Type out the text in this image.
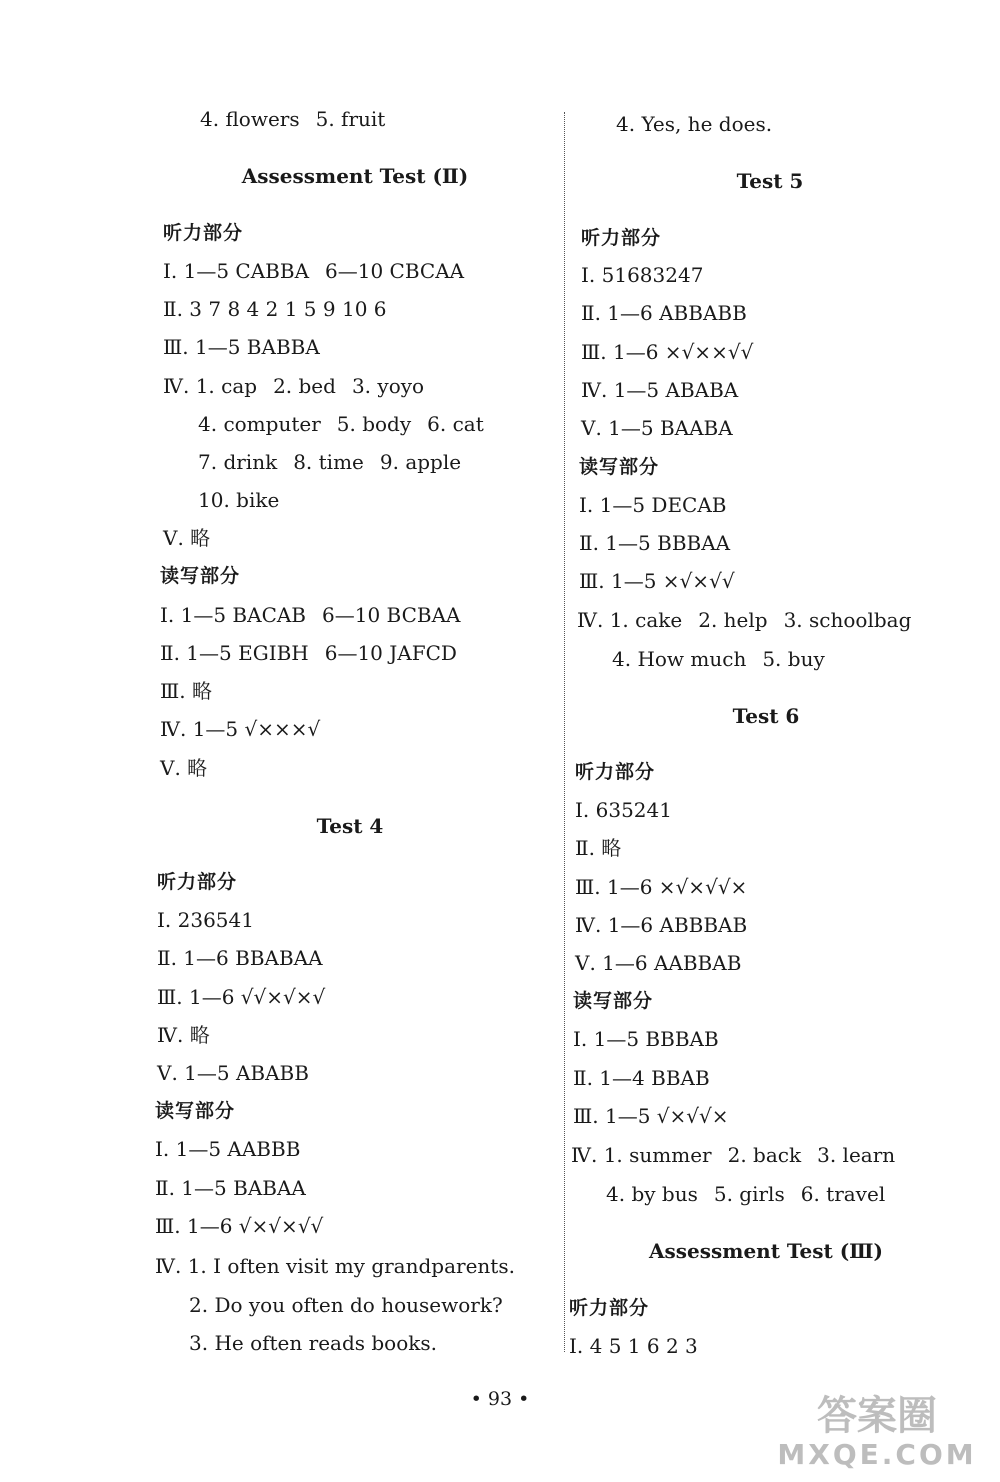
4. flowers 5. fruit
Assessment Test (Ⅱ)
听力部分
Ⅰ. 1—5 CABBA 6—10 CBCAA
Ⅱ. 3 7 8 4 2 1 5 9 10 6
Ⅲ. 1—5 BABBA
Ⅳ. 1. cap 2. bed 3. yoyo
4. computer 5. body 6. cat
7. drink 8. time 9. apple
10. bike
Ⅴ. 略
读写部分
Ⅰ. 1—5 BACAB 6—10 BCBAA
Ⅱ. 1—5 EGIBH 6—10 JAFCD
Ⅲ. 略
Ⅳ. 1—5 √×××√
Ⅴ. 略
Test 4
听力部分
Ⅰ. 236541
Ⅱ. 1—6 BBABAA
Ⅲ. 1—6 √√×√×√
Ⅳ. 略
Ⅴ. 1—5 ABABB
读写部分
Ⅰ. 1—5 AABBB
Ⅱ. 1—5 BABAA
Ⅲ. 1—6 √×√×√√
Ⅳ. 1. I often visit my grandparents.
2. Do you often do housework?
3. He often reads books.
4. Yes, he does.
Test 5
听力部分
Ⅰ. 51683247
Ⅱ. 1—6 ABBABB
Ⅲ. 1—6 ×√××√√
Ⅳ. 1—5 ABABA
Ⅴ. 1—5 BAABA
读写部分
Ⅰ. 1—5 DECAB
Ⅱ. 1—5 BBBAA
Ⅲ. 1—5 ×√×√√
Ⅳ. 1. cake 2. help 3. schoolbag
4. How much 5. buy
Test 6
听力部分
Ⅰ. 635241
Ⅱ. 略
Ⅲ. 1—6 ×√×√√×
Ⅳ. 1—6 ABBBAB
Ⅴ. 1—6 AABBAB
读写部分
Ⅰ. 1—5 BBBAB
Ⅱ. 1—4 BBAB
Ⅲ. 1—5 √×√√×
Ⅳ. 1. summer 2. back 3. learn
4. by bus 5. girls 6. travel
Assessment Test (Ⅲ)
听力部分
Ⅰ. 4 5 1 6 2 3
• 93 •	答案圈
MXQE.COM
